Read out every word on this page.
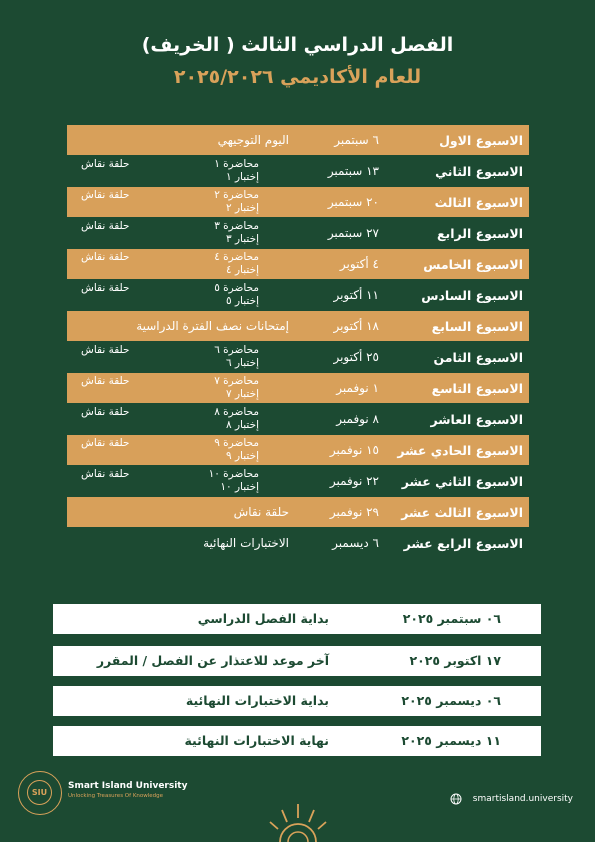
الفصل الدراسي الثالث ( الخريف)
للعام الأكاديمي ٢٠٢٥/٢٠٢٦
الاسبوع الاول
٦ سبتمبر
اليوم التوجيهي
الاسبوع الثاني
١٣ سبتمبر
محاضرة ١
إختبار ١
حلقة نقاش
الاسبوع الثالث
٢٠ سبتمبر
محاضرة ٢
إختبار ٢
حلقة نقاش
الاسبوع الرابع
٢٧ سبتمبر
محاضرة ٣
إختبار ٣
حلقة نقاش
الاسبوع الخامس
٤ أكتوبر
محاضرة ٤
إختبار ٤
حلقة نقاش
الاسبوع السادس
١١ أكتوبر
محاضرة ٥
إختبار ٥
حلقة نقاش
الاسبوع السابع
١٨ أكتوبر
إمتحانات نصف الفترة الدراسية
الاسبوع الثامن
٢٥ أكتوبر
محاضرة ٦
إختبار ٦
حلقة نقاش
الاسبوع التاسع
١ نوفمبر
محاضرة ٧
إختبار ٧
حلقة نقاش
الاسبوع العاشر
٨ نوفمبر
محاضرة ٨
إختبار ٨
حلقة نقاش
الاسبوع الحادي عشر
١٥ نوفمبر
محاضرة ٩
إختبار ٩
حلقة نقاش
الاسبوع الثاني عشر
٢٢ نوفمبر
محاضرة ١٠
إختبار ١٠
حلقة نقاش
الاسبوع الثالث عشر
٢٩ نوفمبر
حلقة نقاش
الاسبوع الرابع عشر
٦ ديسمبر
الاختبارات النهائية
٠٦ سبتمبر ٢٠٢٥
بداية الفصل الدراسي
١٧ اكتوبر ٢٠٢٥
آخر موعد للاعتذار عن الفصل / المقرر
٠٦ ديسمبر ٢٠٢٥
بداية الاختبارات النهائية
١١ ديسمبر ٢٠٢٥
نهاية الاختبارات النهائية
SIU
Smart Island University
Unlocking Treasures Of Knowledge	smartisland.university
